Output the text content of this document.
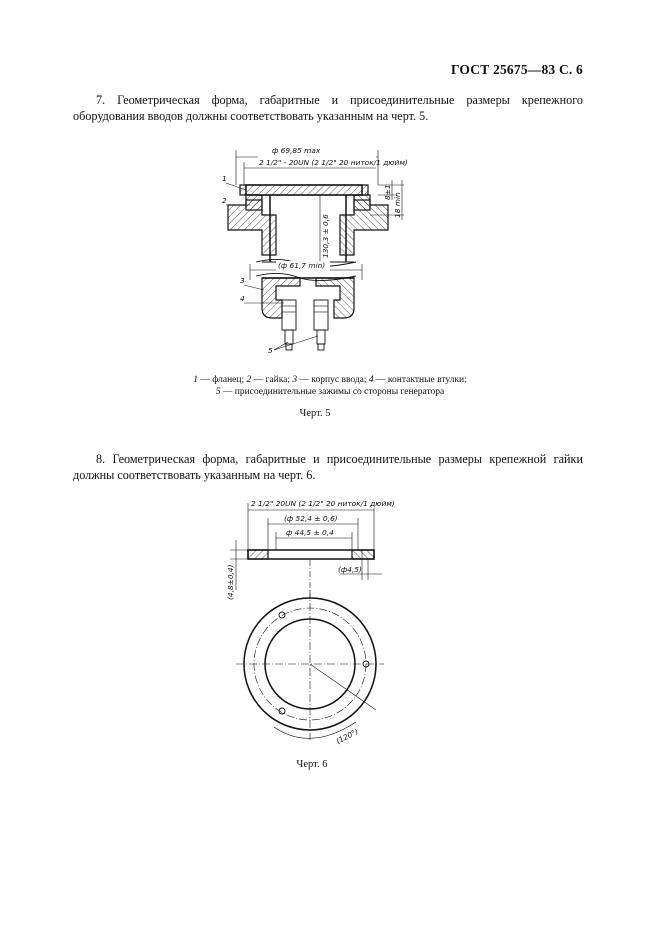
ГОСТ 25675—83 С. 6
7. Геометрическая форма, габаритные и присоединительные размеры крепежного оборудования вводов должны соответствовать указанным на черт. 5.
ф 69,85 max
2 1/2" - 20UN (2 1/2" 20 ниток/1 дюйм)
130,3 ± 0,6
(ф 61,7 min)
8±1
18 min
1
2
3
4
5
1 — фланец; 2 — гайка; 3 — корпус ввода; 4 — контактные втулки;
5 — присоединительные зажимы со стороны генератора
Черт. 5
8. Геометрическая форма, габаритные и присоединительные размеры крепежной гайки должны соответствовать указанным на черт. 6.
2 1/2" 20UN (2 1/2" 20 ниток/1 дюйм)
(ф 52,4 ± 0,6)
ф 44,5 ± 0,4
(4,8±0,4)	(ф4,5)
(120°)
Черт. 6
